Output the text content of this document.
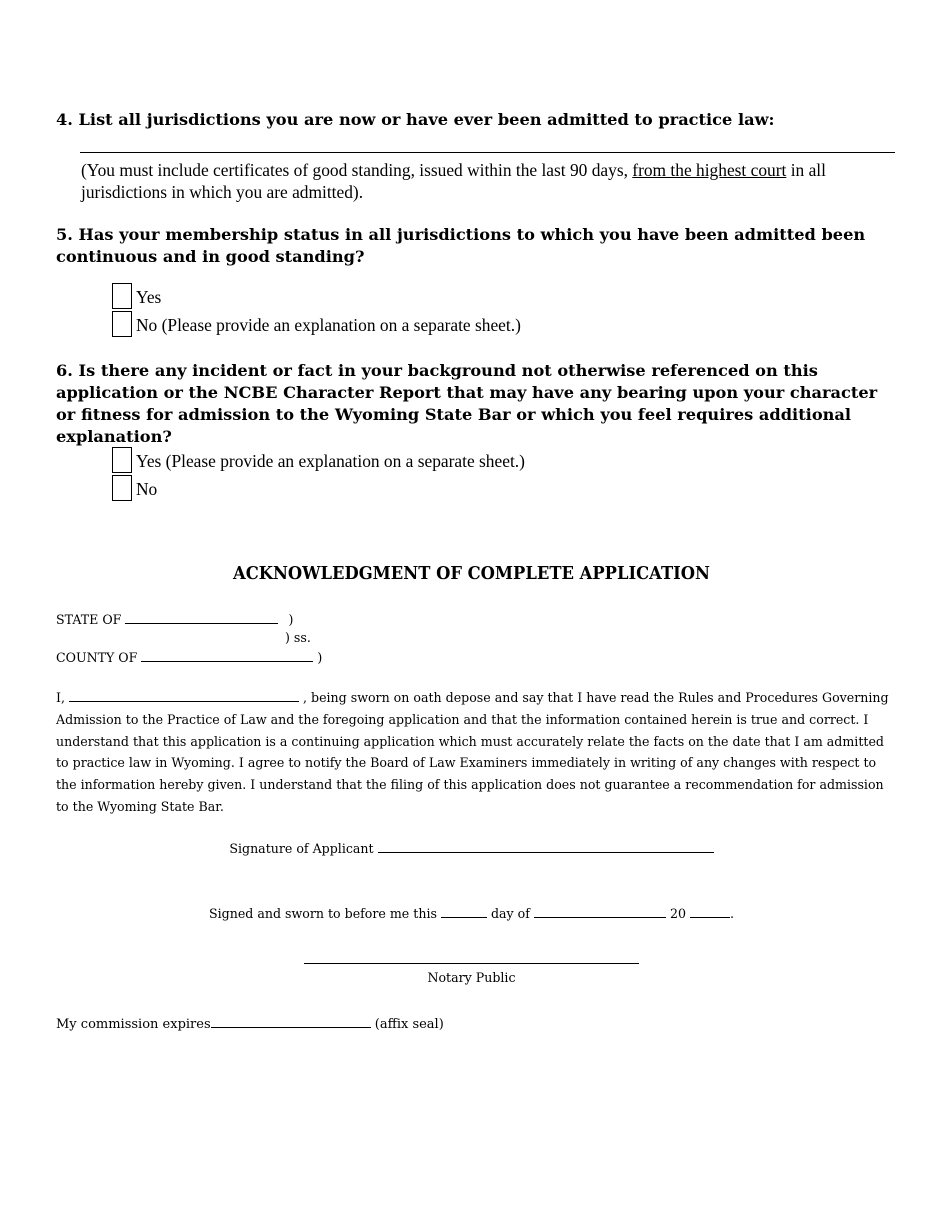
4. List all jurisdictions you are now or have ever been admitted to practice law:

(You must include certificates of good standing, issued within the last 90 days, from the highest court in all jurisdictions in which you are admitted).

5. Has your membership status in all jurisdictions to which you have been admitted been continuous and in good standing?

Yes
No (Please provide an explanation on a separate sheet.)

6. Is there any incident or fact in your background not otherwise referenced on this application or the NCBE Character Report that may have any bearing upon your character or fitness for admission to the Wyoming State Bar or which you feel requires additional explanation?

Yes (Please provide an explanation on a separate sheet.)
No
ACKNOWLEDGMENT OF COMPLETE APPLICATION
STATE OF	)
) ss.
COUNTY OF	)
I,	, being sworn on oath depose and say that I have read the Rules and Procedures Governing Admission to the Practice of Law and the foregoing application and that the information contained herein is true and correct. I understand that this application is a continuing application which must accurately relate the facts on the date that I am admitted to practice law in Wyoming. I agree to notify the Board of Law Examiners immediately in writing of any changes with respect to the information hereby given. I understand that the filing of this application does not guarantee a recommendation for admission to the Wyoming State Bar.
Signature of Applicant
Signed and sworn to before me this	day of	20	.
Notary Public
My commission expires	(affix seal)
